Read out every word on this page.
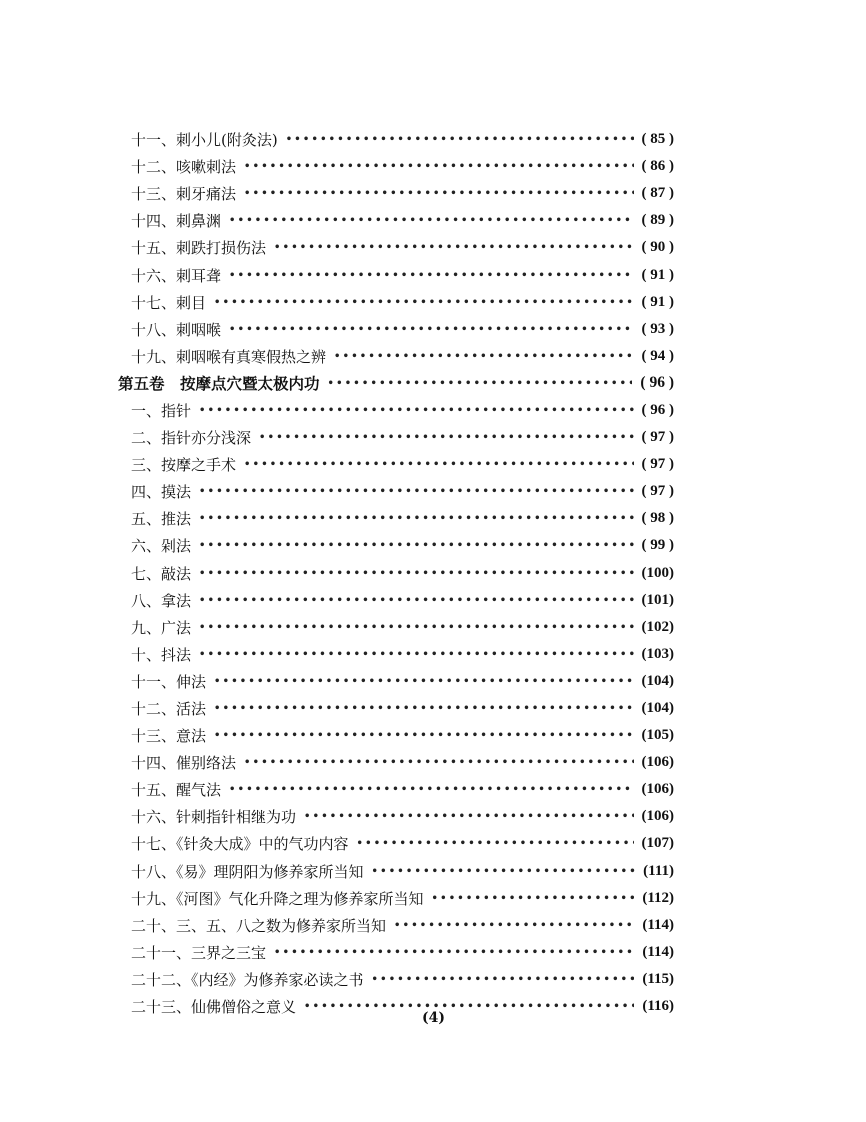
十一、刺小儿(附灸法) •••••	( 85 )
十二、咳嗽刺法 •••••	( 86 )
十三、刺牙痛法 •••••	( 87 )
十四、刺鼻渊 •••••	( 89 )
十五、刺跌打损伤法 •••••	( 90 )
十六、刺耳聋 •••••	( 91 )
十七、刺目 •••••	( 91 )
十八、刺咽喉 •••••	( 93 )
十九、刺咽喉有真寒假热之辨 •••••	( 94 )
第五卷　按摩点穴暨太极内功 •••••	( 96 )
一、指针 •••••	( 96 )
二、指针亦分浅深 •••••	( 97 )
三、按摩之手术 •••••	( 97 )
四、摸法 •••••	( 97 )
五、推法 •••••	( 98 )
六、剁法 •••••	( 99 )
七、敲法 •••••	(100)
八、拿法 •••••	(101)
九、广法 •••••	(102)
十、抖法 •••••	(103)
十一、伸法 •••••	(104)
十二、活法 •••••	(104)
十三、意法 •••••	(105)
十四、催别络法 •••••	(106)
十五、醒气法 •••••	(106)
十六、针刺指针相继为功 •••••	(106)
十七、《针灸大成》中的气功内容 •••••	(107)
十八、《易》理阴阳为修养家所当知 •••••	(111)
十九、《河图》气化升降之理为修养家所当知 •••••	(112)
二十、三、五、八之数为修养家所当知 •••••	(114)
二十一、三界之三宝 •••••	(114)
二十二、《内经》为修养家必读之书 •••••	(115)
二十三、仙佛僧俗之意义 •••••	(116)
(4)
